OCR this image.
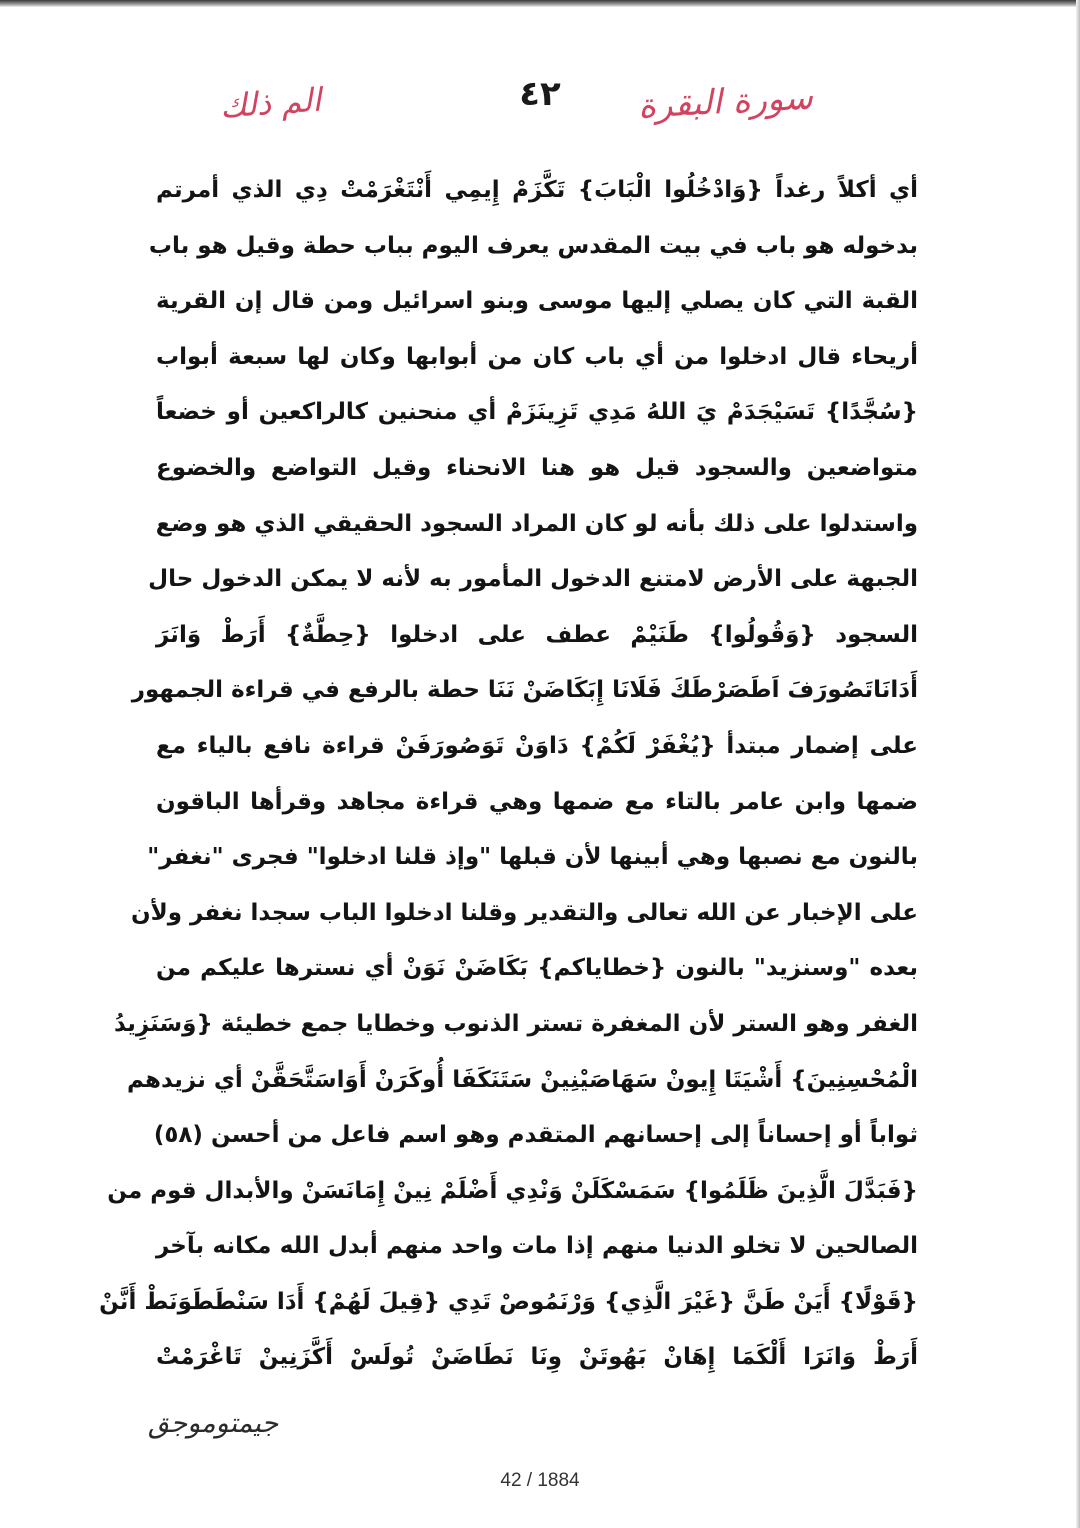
سورة البقرة
٤٢
الم ذلك
أي أكلاً رغداً {وَادْخُلُوا الْبَابَ} تَكَّزَمْ إِيمِي أَنْتَغْرَمْتْ دِي الذي أمرتم
بدخوله هو باب في بيت المقدس يعرف اليوم بباب حطة وقيل هو باب
القبة التي كان يصلي إليها موسى وبنو اسرائيل ومن قال إن القرية
أريحاء قال ادخلوا من أي باب كان من أبوابها وكان لها سبعة أبواب
{سُجَّدًا} تَسَيْجَدَمْ يَ اللهُ مَدِي تَزِينَزَمْ أي منحنين كالراكعين أو خضعاً
متواضعين والسجود قيل هو هنا الانحناء وقيل التواضع والخضوع
واستدلوا على ذلك بأنه لو كان المراد السجود الحقيقي الذي هو وضع
الجبهة على الأرض لامتنع الدخول المأمور به لأنه لا يمكن الدخول حال
السجود {وَقُولُوا} طَنَيْمْ عطف على ادخلوا {حِطَّةٌ} أَرَطْ وَانَرَ
أَدَانَاتَصُورَفَ اَطَصَرْطَكَ فَلَانَا إِبَكَاضَنْ نَنَا حطة بالرفع في قراءة الجمهور
على إضمار مبتدأ {يُغْفَرْ لَكُمْ} دَاوَنْ تَوَصُورَفَنْ قراءة نافع بالياء مع
ضمها وابن عامر بالتاء مع ضمها وهي قراءة مجاهد وقرأها الباقون
بالنون مع نصبها وهي أبينها لأن قبلها "وإذ قلنا ادخلوا" فجرى "نغفر"
على الإخبار عن الله تعالى والتقدير وقلنا ادخلوا الباب سجدا نغفر ولأن
بعده "وسنزيد" بالنون {خطاياكم} بَكَاضَنْ نَوَنْ أي نسترها عليكم من
الغفر وهو الستر لأن المغفرة تستر الذنوب وخطايا جمع خطيئة {وَسَنَزِيدُ
الْمُحْسِنِينَ} أَشْيَتَا إِيونْ سَهَاصَيْنِينْ سَتَنَكَفَا أُوكَرَنْ أَوَاسَتَّحَقَّنْ أي نزيدهم
ثواباً أو إحساناً إلى إحسانهم المتقدم وهو اسم فاعل من أحسن (٥٨)
{فَبَدَّلَ الَّذِينَ ظَلَمُوا} سَمَسْكَلَنْ وَنْدِي أَضْلَمْ نِينْ إِمَانَسَنْ والأبدال قوم من
الصالحين لا تخلو الدنيا منهم إذا مات واحد منهم أبدل الله مكانه بآخر
{قَوْلًا} أَيَنْ طَنَّ {غَيْرَ الَّذِي} وَرْنَمُوصْ تَدِي {قِيلَ لَهُمْ} أَدَا سَنْطَطَوَنَطْ أَنَّنْ
أَرَطْ وَانَرَا أَلْكَمَا إِهَانْ بَهُوتَنْ وِنَا نَطَاضَنْ تُولَسْ أَكَّزَنِينْ تَاغْرَمْتْ
جيمتوموجق
42 / 1884
